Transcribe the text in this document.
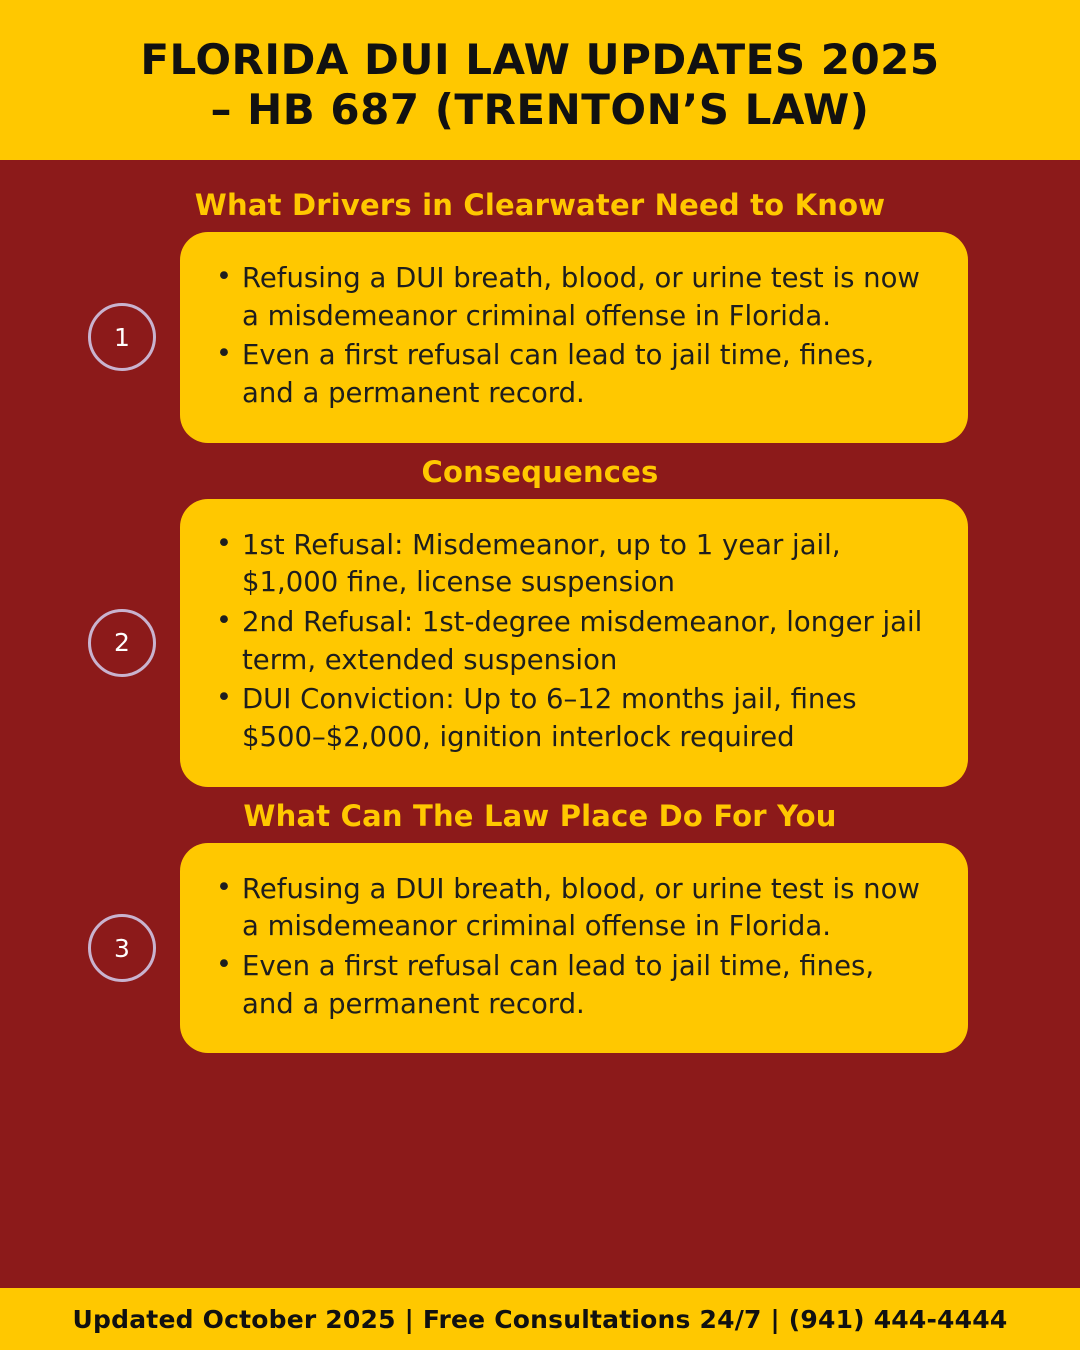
FLORIDA DUI LAW UPDATES 2025
– HB 687 (TRENTON’S LAW)
What Drivers in Clearwater Need to Know
1
• Refusing a DUI breath, blood, or urine test is now a misdemeanor criminal offense in Florida.
• Even a first refusal can lead to jail time, fines, and a permanent record.
Consequences
2
• 1st Refusal: Misdemeanor, up to 1 year jail, $1,000 fine, license suspension
• 2nd Refusal: 1st-degree misdemeanor, longer jail term, extended suspension
• DUI Conviction: Up to 6–12 months jail, fines $500–$2,000, ignition interlock required
What Can The Law Place Do For You
3
• Refusing a DUI breath, blood, or urine test is now a misdemeanor criminal offense in Florida.
• Even a first refusal can lead to jail time, fines, and a permanent record.
Updated October 2025 | Free Consultations 24/7 | (941) 444-4444
